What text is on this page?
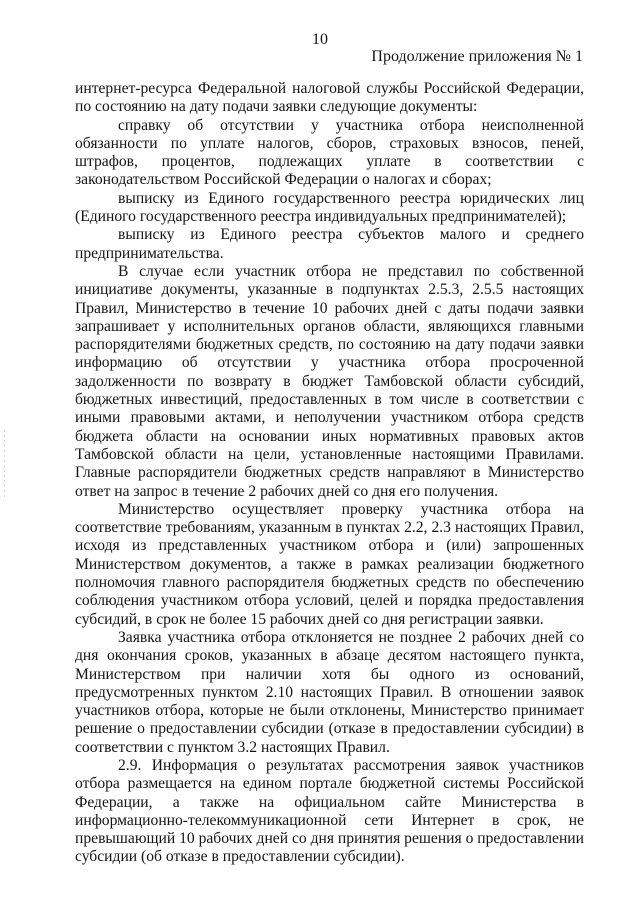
10
Продолжение приложения № 1

интернет-ресурса Федеральной налоговой службы Российской Федерации, по состоянию на дату подачи заявки следующие документы:

справку об отсутствии у участника отбора неисполненной обязанности по уплате налогов, сборов, страховых взносов, пеней, штрафов, процентов, подлежащих уплате в соответствии с законодательством Российской Федерации о налогах и сборах;

выписку из Единого государственного реестра юридических лиц (Единого государственного реестра индивидуальных предпринимателей);

выписку из Единого реестра субъектов малого и среднего предпринимательства.

В случае если участник отбора не представил по собственной инициативе документы, указанные в подпунктах 2.5.3, 2.5.5 настоящих Правил, Министерство в течение 10 рабочих дней с даты подачи заявки запрашивает у исполнительных органов области, являющихся главными распорядителями бюджетных средств, по состоянию на дату подачи заявки информацию об отсутствии у участника отбора просроченной задолженности по возврату в бюджет Тамбовской области субсидий, бюджетных инвестиций, предоставленных в том числе в соответствии с иными правовыми актами, и неполучении участником отбора средств бюджета области на основании иных нормативных правовых актов Тамбовской области на цели, установленные настоящими Правилами. Главные распорядители бюджетных средств направляют в Министерство ответ на запрос в течение 2 рабочих дней со дня его получения.

Министерство осуществляет проверку участника отбора на соответствие требованиям, указанным в пунктах 2.2, 2.3 настоящих Правил, исходя из представленных участником отбора и (или) запрошенных Министерством документов, а также в рамках реализации бюджетного полномочия главного распорядителя бюджетных средств по обеспечению соблюдения участником отбора условий, целей и порядка предоставления субсидий, в срок не более 15 рабочих дней со дня регистрации заявки.

Заявка участника отбора отклоняется не позднее 2 рабочих дней со дня окончания сроков, указанных в абзаце десятом настоящего пункта, Министерством при наличии хотя бы одного из оснований, предусмотренных пунктом 2.10 настоящих Правил. В отношении заявок участников отбора, которые не были отклонены, Министерство принимает решение о предоставлении субсидии (отказе в предоставлении субсидии) в соответствии с пунктом 3.2 настоящих Правил.

2.9. Информация о результатах рассмотрения заявок участников отбора размещается на едином портале бюджетной системы Российской Федерации, а также на официальном сайте Министерства в информационно-телекоммуникационной сети Интернет в срок, не превышающий 10 рабочих дней со дня принятия решения о предоставлении субсидии (об отказе в предоставлении субсидии).
